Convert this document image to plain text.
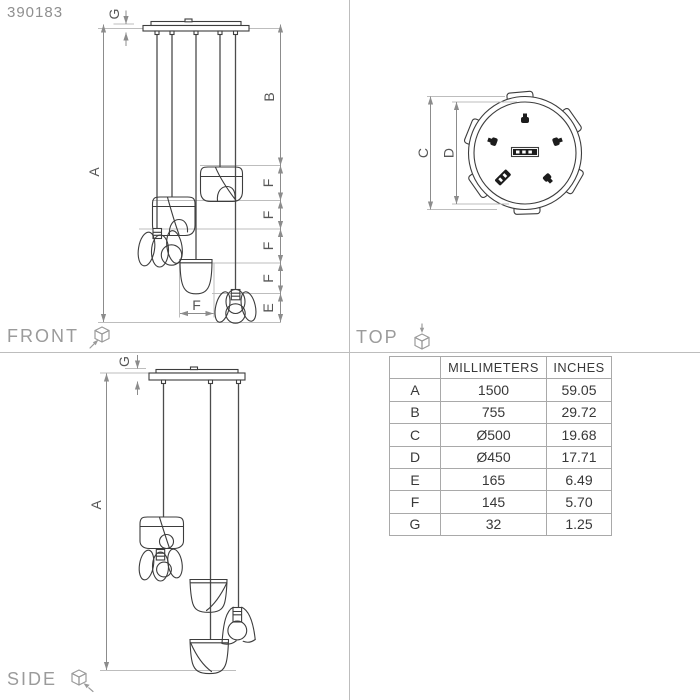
G
A
B
F
F
F
F
E
F
C D
G
A
390183
FRONT	TOP
SIDE
	MILLIMETERS	INCHES
A	1500	59.05
B	755	29.72
C	Ø500	19.68
D	Ø450	17.71
E	165	6.49
F	145	5.70
G	32	1.25
